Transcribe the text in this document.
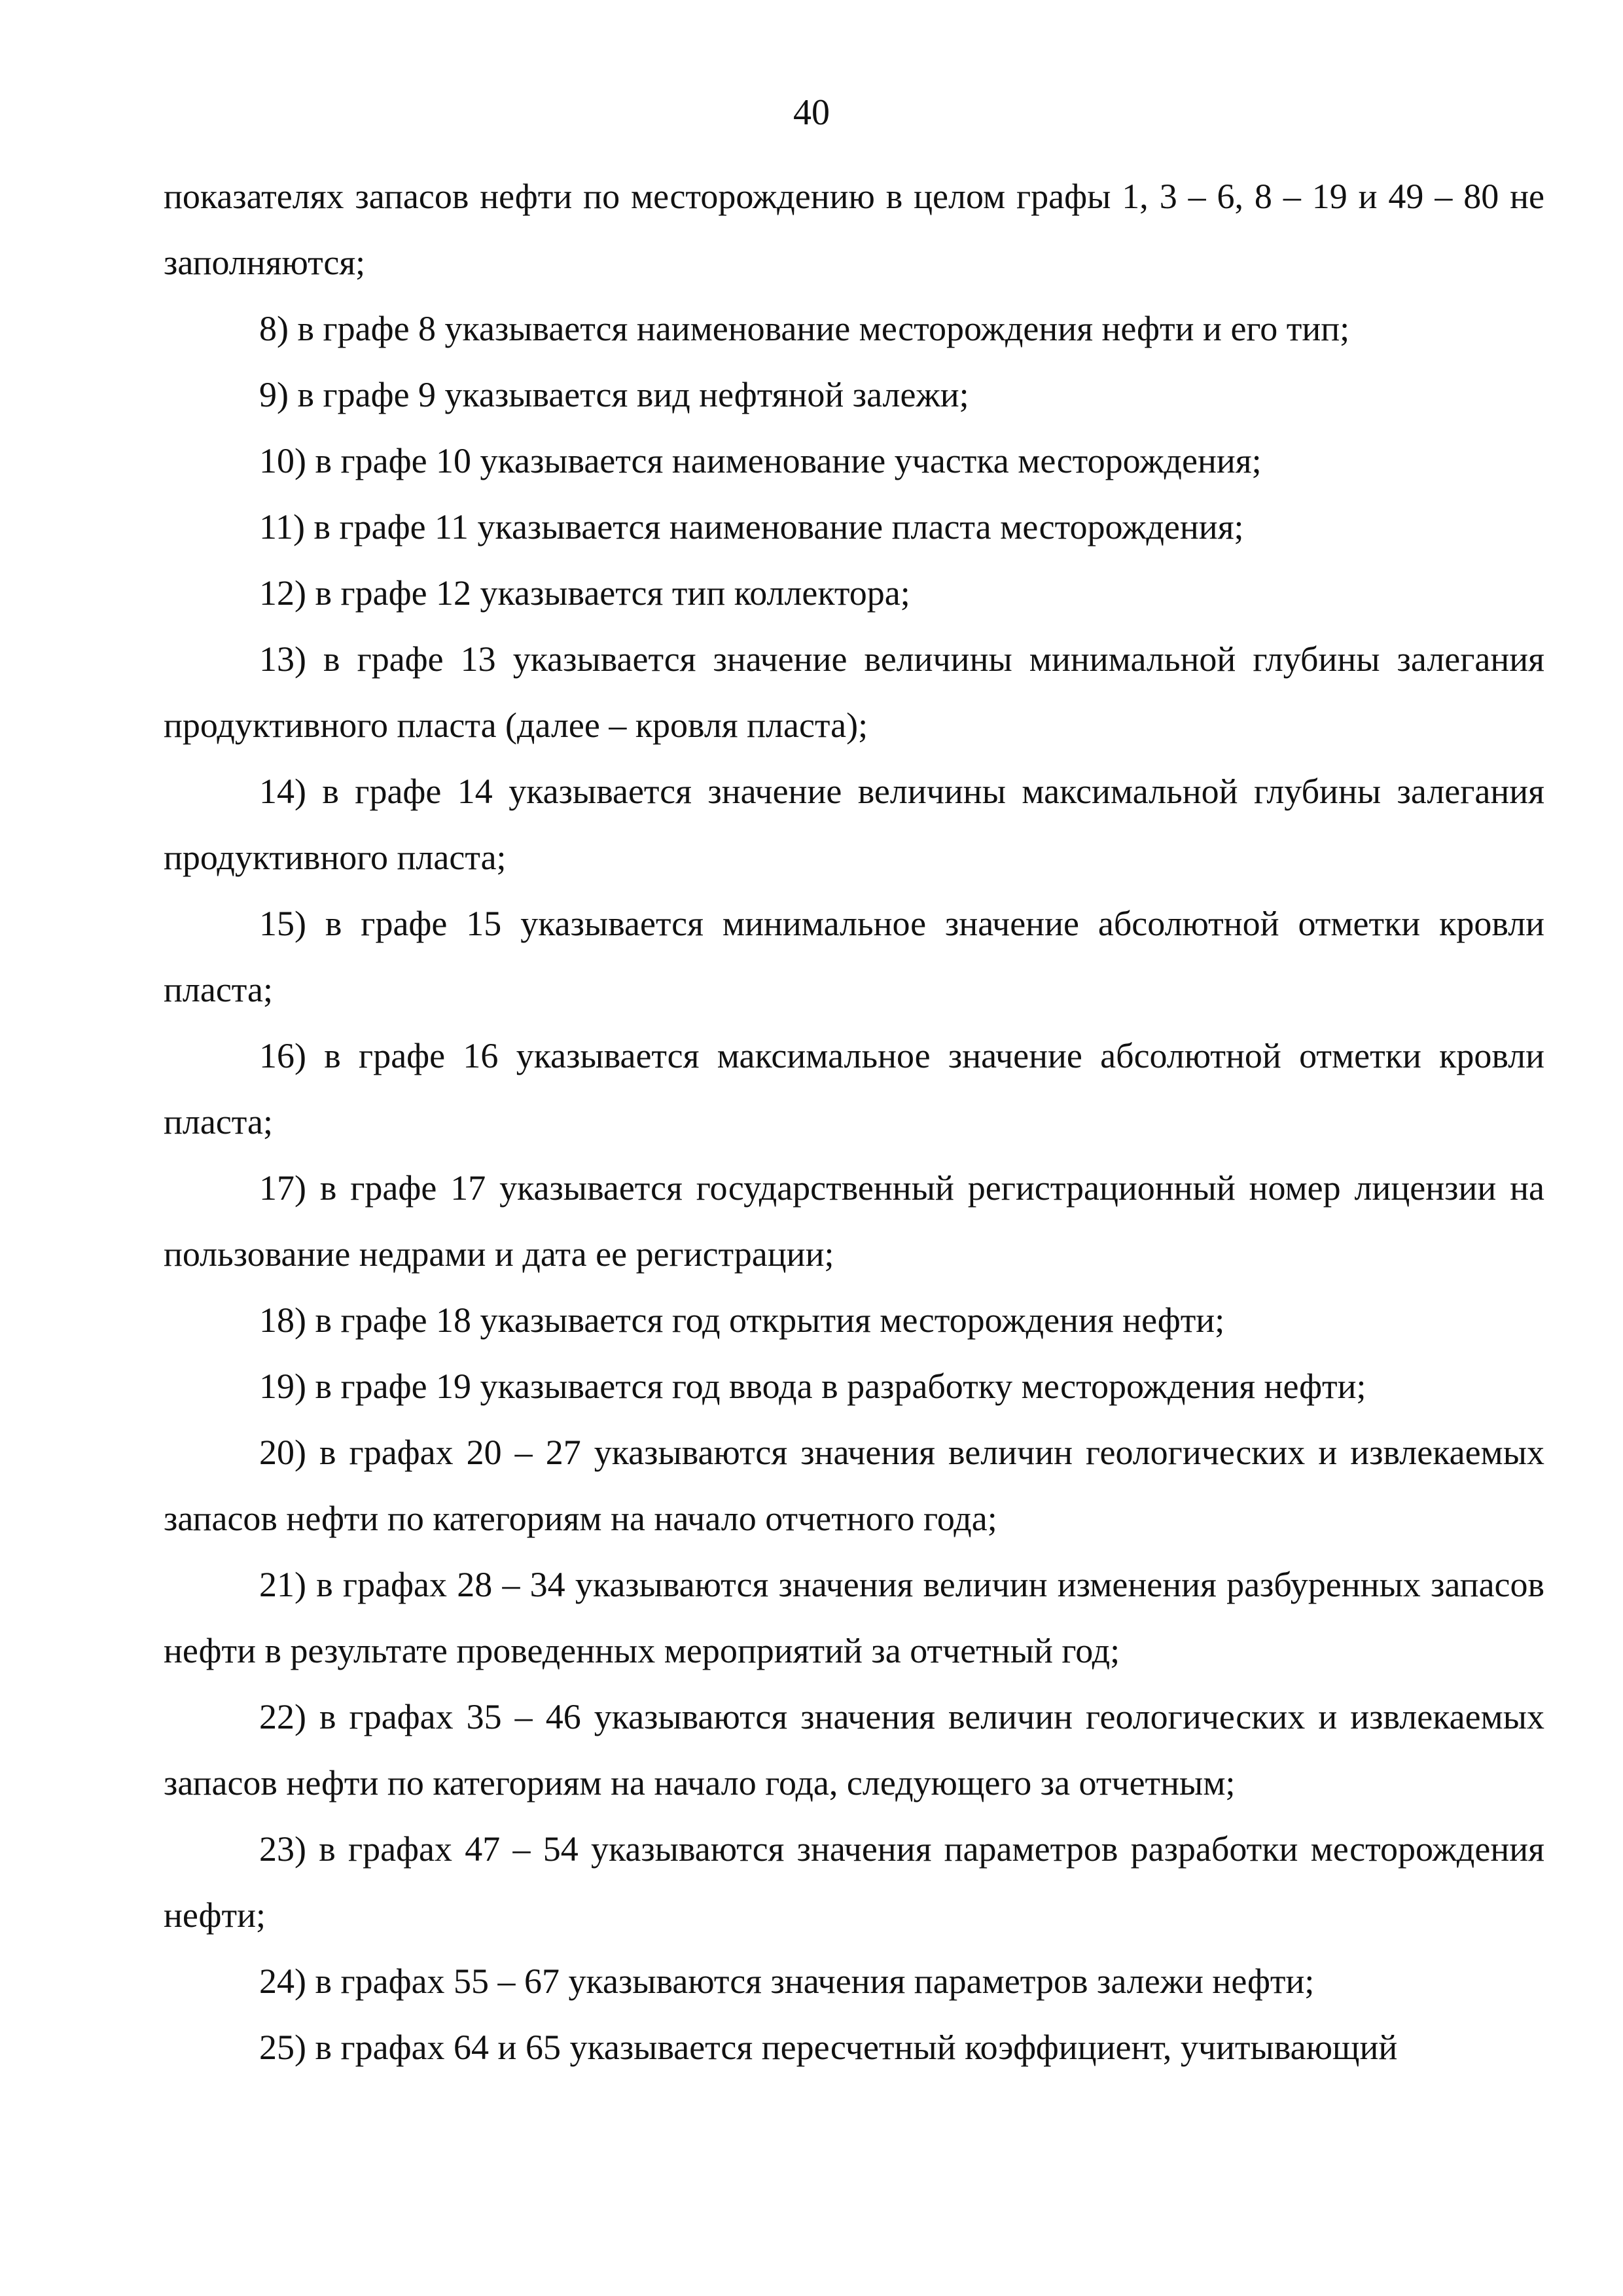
40

показателях запасов нефти по месторождению в целом графы 1, 3 – 6, 8 – 19 и 49 – 80 не заполняются;

8) в графе 8 указывается наименование месторождения нефти и его тип;

9) в графе 9 указывается вид нефтяной залежи;

10) в графе 10 указывается наименование участка месторождения;

11) в графе 11 указывается наименование пласта месторождения;

12) в графе 12 указывается тип коллектора;

13) в графе 13 указывается значение величины минимальной глубины залегания продуктивного пласта (далее – кровля пласта);

14) в графе 14 указывается значение величины максимальной глубины залегания продуктивного пласта;

15) в графе 15 указывается минимальное значение абсолютной отметки кровли пласта;

16) в графе 16 указывается максимальное значение абсолютной отметки кровли пласта;

17) в графе 17 указывается государственный регистрационный номер лицензии на пользование недрами и дата ее регистрации;

18) в графе 18 указывается год открытия месторождения нефти;

19) в графе 19 указывается год ввода в разработку месторождения нефти;

20) в графах 20 – 27 указываются значения величин геологических и извлекаемых запасов нефти по категориям на начало отчетного года;

21) в графах 28 – 34 указываются значения величин изменения разбуренных запасов нефти в результате проведенных мероприятий за отчетный год;

22) в графах 35 – 46 указываются значения величин геологических и извлекаемых запасов нефти по категориям на начало года, следующего за отчетным;

23) в графах 47 – 54 указываются значения параметров разработки месторождения нефти;

24) в графах 55 – 67 указываются значения параметров залежи нефти;

25) в графах 64 и 65 указывается пересчетный коэффициент, учитывающий
